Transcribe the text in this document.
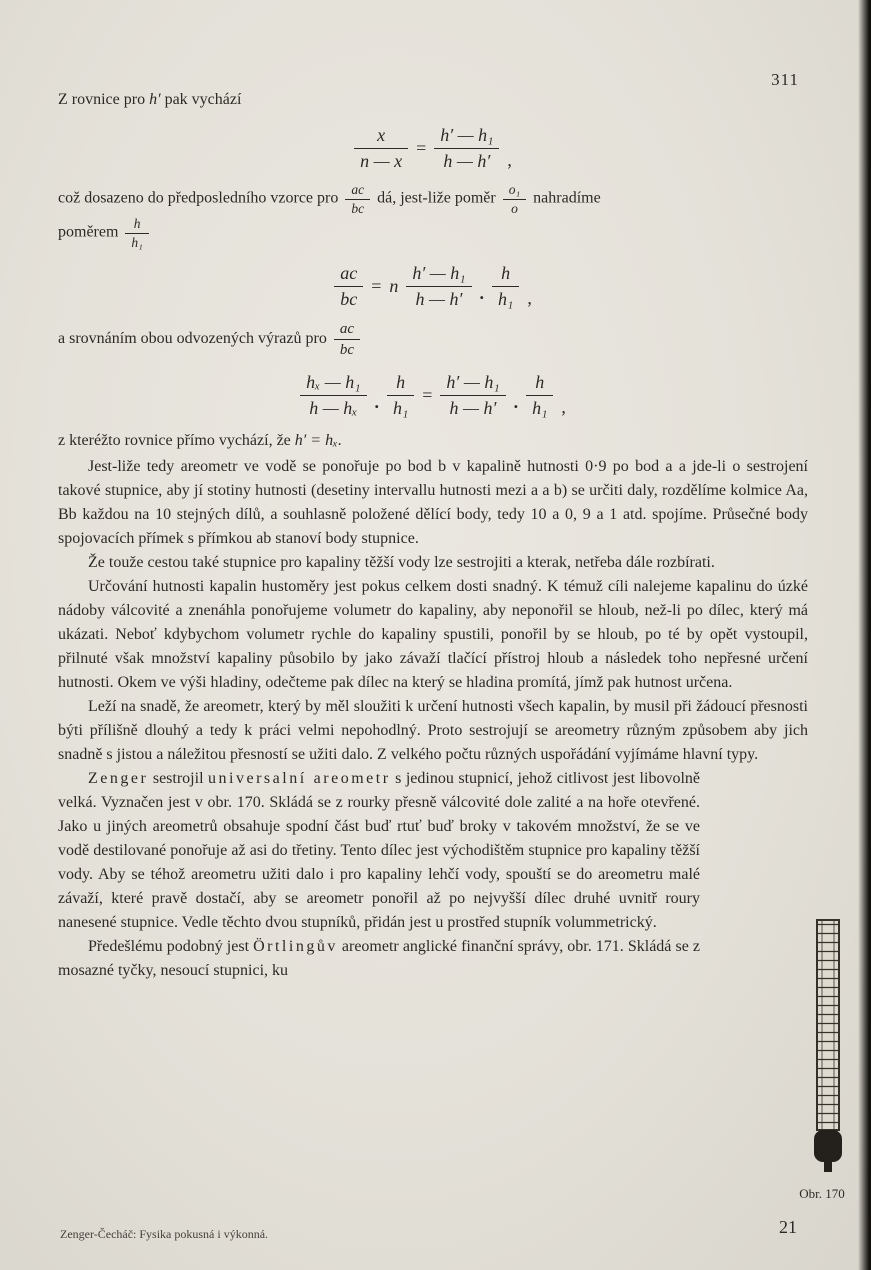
311

Z rovnice pro h′ pak vychází

$\frac{x}{n — x} = \frac{\text{h′ — h₁}}{h — h'}$ ,

což dosazeno do předposledního vzorce pro $\frac{ac}{bc}$ dá, jest-liže poměr $\frac{\text{o₁}}{o}$ nahradíme
poměrem $\frac{h}{\text{h₁}}$

$\frac{ac}{bc} = n \frac{\text{h′ — h₁}}{h — h'}$ . $\frac{h}{\text{h₁}}$ ,

a srovnáním obou odvozených výrazů pro $\frac{ac}{bc}$

$\frac{\text{hₓ — h₁}}{\text{h — hₓ}}$ . $\frac{h}{\text{h₁}} = \frac{\text{h′ — h₁}}{h — h'}$ . $\frac{h}{\text{h₁}}$ ,

z kteréžto rovnice přímo vychází, že h′ = hₓ.

Jest-liže tedy areometr ve vodě se ponořuje po bod b v kapalině hutnosti 0·9 po bod a a jde-li o sestrojení takové stupnice, aby jí stotiny hutnosti (desetiny intervallu hutnosti mezi a a b) se určiti daly, rozdělíme kolmice Aa, Bb každou na 10 stejných dílů, a souhlasně položené dělící body, tedy 10 a 0, 9 a 1 atd. spojíme. Průsečné body spojovacích přímek s přímkou ab stanoví body stupnice.

Že touže cestou také stupnice pro kapaliny těžší vody lze sestrojiti a kterak, netřeba dále rozbírati.

Určování hutnosti kapalin hustoměry jest pokus celkem dosti snadný. K témuž cíli nalejeme kapalinu do úzké nádoby válcovité a znenáhla ponořujeme volumetr do kapaliny, aby neponořil se hloub, než-li po dílec, který má ukázati. Neboť kdybychom volumetr rychle do kapaliny spustili, ponořil by se hloub, po té by opět vystoupil, přilnuté však množství kapaliny působilo by jako závaží tlačící přístroj hloub a následek toho nepřesné určení hutnosti. Okem ve výši hladiny, odečteme pak dílec na který se hladina promítá, jímž pak hutnost určena.

Leží na snadě, že areometr, který by měl sloužiti k určení hutnosti všech kapalin, by musil při žádoucí přesnosti býti přílišně dlouhý a tedy k práci velmi nepohodlný. Proto sestrojují se areometry různým způsobem aby jich snadně s jistou a náležitou přesností se užiti dalo. Z velkého počtu různých uspořádání vyjímáme hlavní typy.

Zenger sestrojil universalní areometr s jedinou stupnicí, jehož citlivost jest libovolně velká. Vyznačen jest v obr. 170. Skládá se z rourky přesně válcovité dole zalité a na hoře otevřené. Jako u jiných areometrů obsahuje spodní část buď rtuť buď broky v takovém množství, že se ve vodě destilované ponořuje až asi do třetiny. Tento dílec jest východištěm stupnice pro kapaliny těžší vody. Aby se téhož areometru užiti dalo i pro kapaliny lehčí vody, spouští se do areometru malé závaží, které pravě dostačí, aby se areometr ponořil až po nejvyšší dílec druhé uvnitř roury nanesené stupnice. Vedle těchto dvou stupníků, přidán jest u prostřed stupník volummetrický.

Předešlému podobný jest Örtlingův areometr anglické finanční správy, obr. 171. Skládá se z mosazné tyčky, nesoucí stupnici, ku

Obr. 170
Zenger-Čecháč: Fysika pokusná i výkonná.	21
